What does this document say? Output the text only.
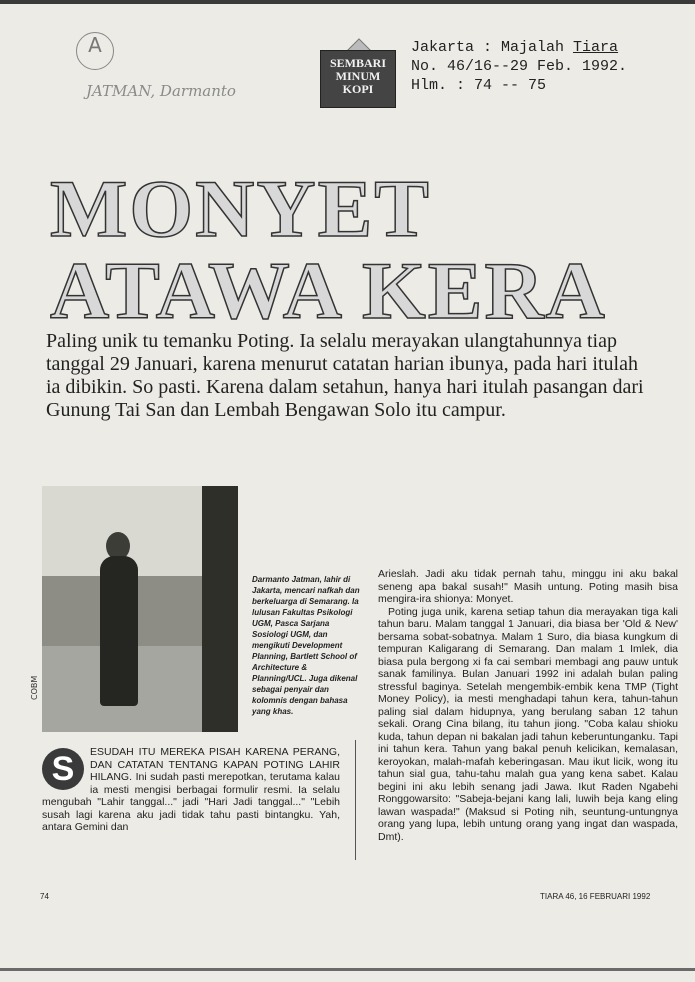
A
JATMAN, Darmanto
SEMBARI
MINUM
KOPI
Jakarta : Majalah Tiara
No. 46/16--29 Feb. 1992.
Hlm. : 74 -- 75
MONYET
ATAWA KERA
Paling unik tu temanku Poting. Ia selalu merayakan ulangtahunnya tiap tanggal 29 Januari, karena menurut catatan harian ibunya, pada hari itulah ia dibikin. So pasti. Karena dalam setahun, hanya hari itulah pasangan dari Gunung Tai San dan Lembah Bengawan Solo itu campur.
COBM
Darmanto Jatman, lahir di Jakarta, mencari nafkah dan berkeluarga di Semarang. Ia lulusan Fakultas Psikologi UGM, Pasca Sarjana Sosiologi UGM, dan mengikuti Development Planning, Bartlett School of Architecture & Planning/UCL. Juga dikenal sebagai penyair dan kolomnis dengan bahasa yang khas.
S	ESUDAH ITU MEREKA PISAH KARENA PERANG, DAN CATATAN TENTANG KAPAN POTING LAHIR HILANG. Ini sudah pasti merepotkan, terutama kalau ia mesti mengisi berbagai formulir resmi. Ia selalu mengubah "Lahir tanggal..." jadi "Hari Jadi tanggal..." "Lebih susah lagi karena aku jadi tidak tahu pasti bintangku. Yah, antara Gemini dan

Arieslah. Jadi aku tidak pernah tahu, minggu ini aku bakal seneng apa bakal susah!" Masih untung. Poting masih bisa mengira-ira shionya: Monyet.

Poting juga unik, karena setiap tahun dia merayakan tiga kali tahun baru. Malam tanggal 1 Januari, dia biasa ber 'Old & New' bersama sobat-sobatnya. Malam 1 Suro, dia biasa kungkum di tempuran Kaligarang di Semarang. Dan malam 1 Imlek, dia biasa pula bergong xi fa cai sembari membagi ang pauw untuk sanak familinya. Bulan Januari 1992 ini adalah bulan paling stressful baginya. Setelah mengembik-embik kena TMP (Tight Money Policy), ia mesti menghadapi tahun kera, tahun-tahun paling sial dalam hidupnya, yang berulang saban 12 tahun sekali. Orang Cina bilang, itu tahun jiong. "Coba kalau shioku kuda, tahun depan ni bakalan jadi tahun keberuntunganku. Tapi ini tahun kera. Tahun yang bakal penuh kelicikan, kemalasan, keroyokan, malah-mafah keberingasan. Mau ikut licik, wong itu tahun sial gua, tahu-tahu malah gua yang kena sabet. Kalau begini ini aku lebih senang jadi Jawa. Ikut Raden Ngabehi Ronggowarsito: "Sabeja-bejani kang lali, luwih beja kang eling lawan waspada!" (Maksud si Poting nih, seuntung-untungnya orang yang lupa, lebih untung orang yang ingat dan waspada, Dmt).

74	TIARA 46, 16 FEBRUARI 1992
